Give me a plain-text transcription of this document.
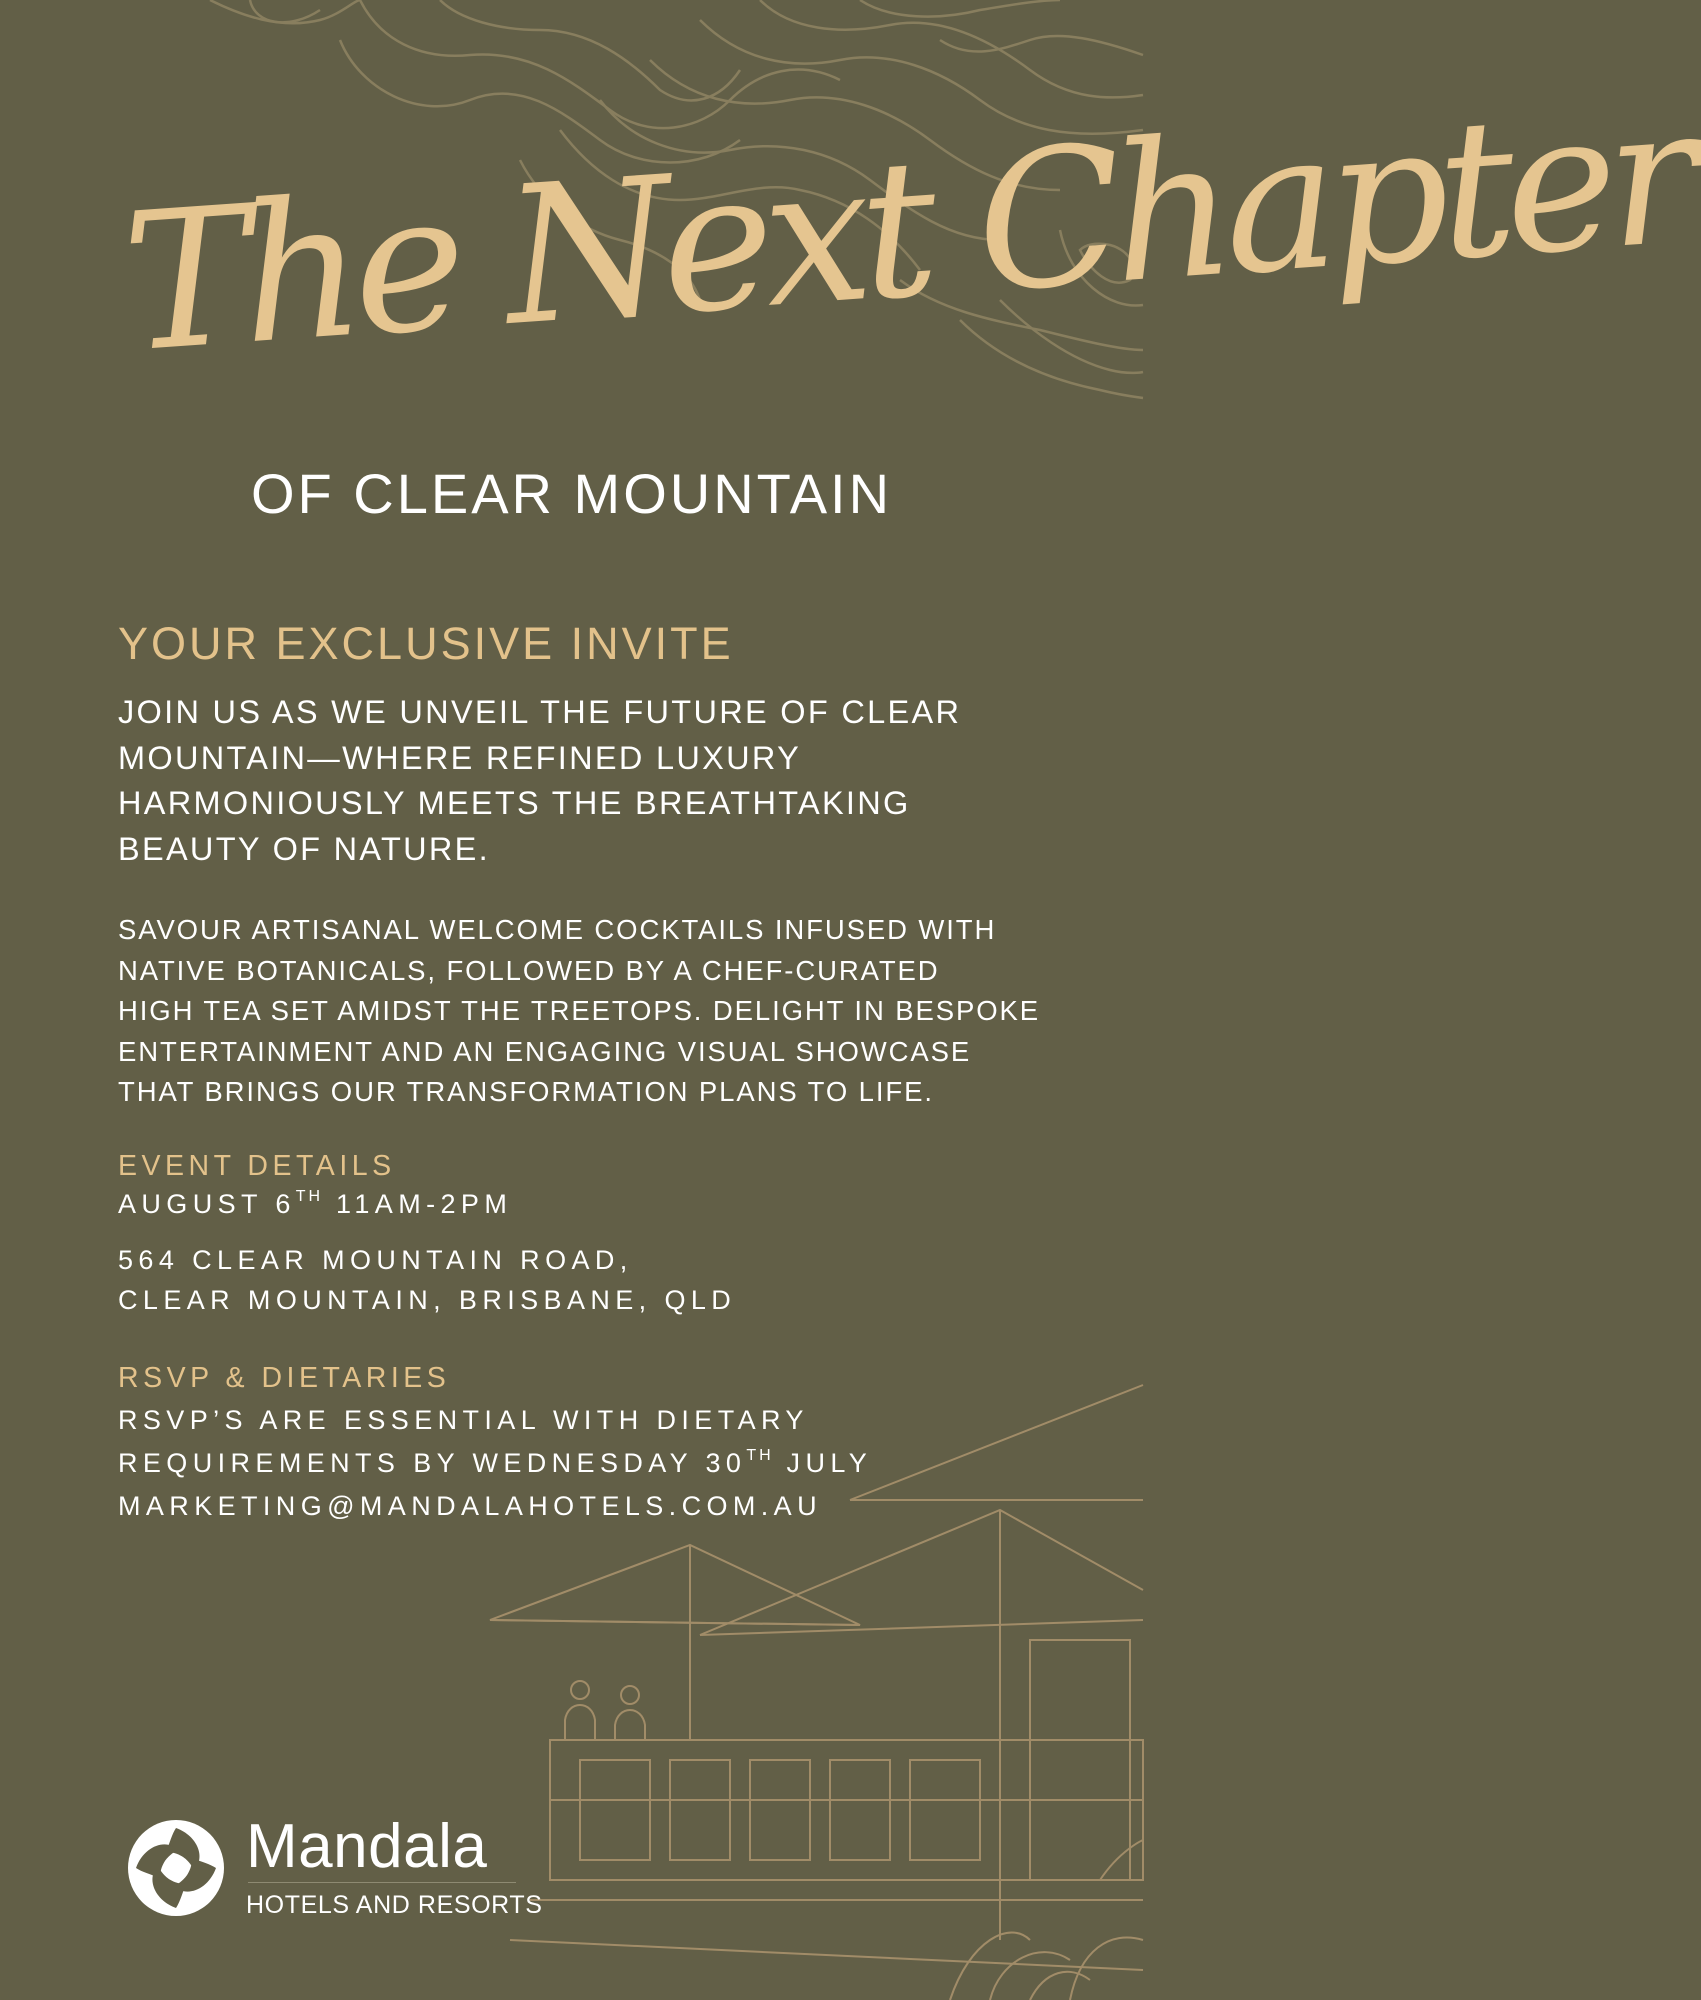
The Next Chapter
OF CLEAR MOUNTAIN
YOUR EXCLUSIVE INVITE
JOIN US AS WE UNVEIL THE FUTURE OF CLEAR
MOUNTAIN—WHERE REFINED LUXURY
HARMONIOUSLY MEETS THE BREATHTAKING
BEAUTY OF NATURE.
SAVOUR ARTISANAL WELCOME COCKTAILS INFUSED WITH
NATIVE BOTANICALS, FOLLOWED BY A CHEF-CURATED
HIGH TEA SET AMIDST THE TREETOPS. DELIGHT IN BESPOKE
ENTERTAINMENT AND AN ENGAGING VISUAL SHOWCASE
THAT BRINGS OUR TRANSFORMATION PLANS TO LIFE.
EVENT DETAILS
AUGUST 6TH 11AM-2PM
564 CLEAR MOUNTAIN ROAD,
CLEAR MOUNTAIN, BRISBANE, QLD
RSVP & DIETARIES
RSVP’S ARE ESSENTIAL WITH DIETARY
REQUIREMENTS BY WEDNESDAY 30TH JULY
MARKETING@MANDALAHOTELS.COM.AU
Mandala
HOTELS AND RESORTS
